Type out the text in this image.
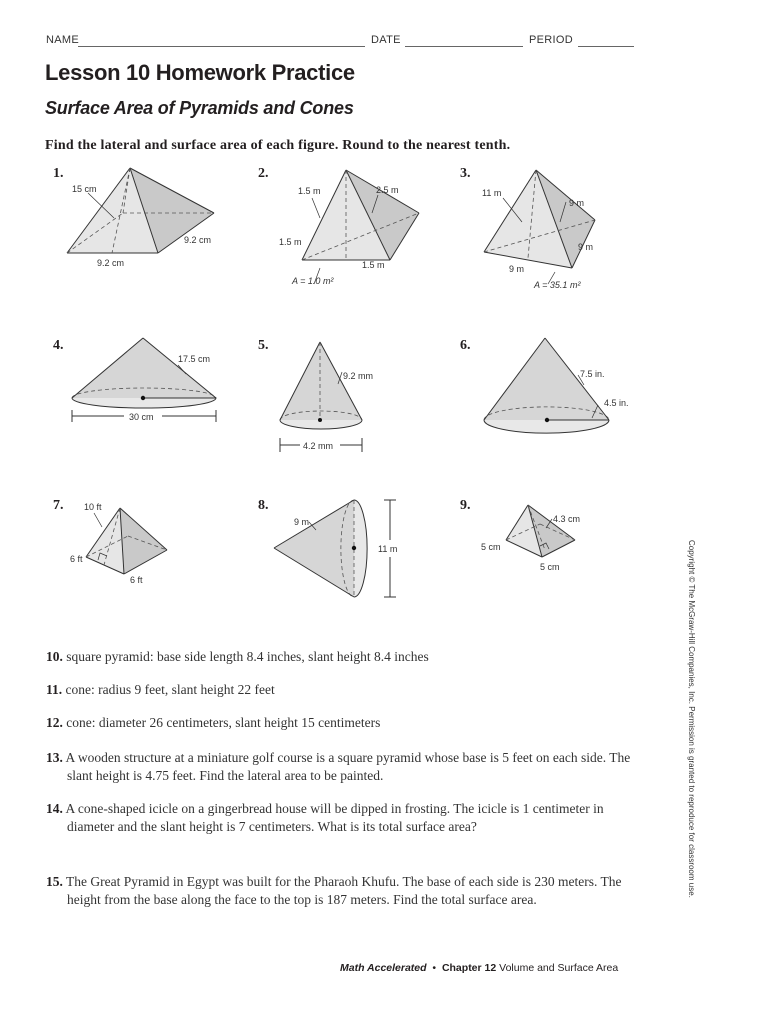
NAME	DATE	PERIOD
Lesson 10 Homework Practice
Surface Area of Pyramids and Cones
Find the lateral and surface area of each figure. Round to the nearest tenth.
1.	2.	3.
4.	5.	6.
7.	8.	9.
15 cm
9.2 cm
9.2 cm
1.5 m	2.5 m
1.5 m
1.5 m
A = 1.0 m²
11 m
9 m
9 m
9 m
A = 35.1 m²
17.5 cm
30 cm
9.2 mm
4.2 mm
7.5 in.
4.5 in.
10 ft
6 ft
6 ft
9 m
11 m
4.3 cm
5 cm
5 cm
10. square pyramid: base side length 8.4 inches, slant height 8.4 inches
11. cone: radius 9 feet, slant height 22 feet
12. cone: diameter 26 centimeters, slant height 15 centimeters
13. A wooden structure at a miniature golf course is a square pyramid whose base is 5 feet on each side. The slant height is 4.75 feet. Find the lateral area to be painted.
14. A cone-shaped icicle on a gingerbread house will be dipped in frosting. The icicle is 1 centimeter in diameter and the slant height is 7 centimeters. What is its total surface area?
15. The Great Pyramid in Egypt was built for the Pharaoh Khufu. The base of each side is 230 meters. The height from the base along the face to the top is 187 meters. Find the total surface area.
Copyright © The McGraw-Hill Companies, Inc. Permission is granted to reproduce for classroom use.
Math Accelerated • Chapter 12 Volume and Surface Area
